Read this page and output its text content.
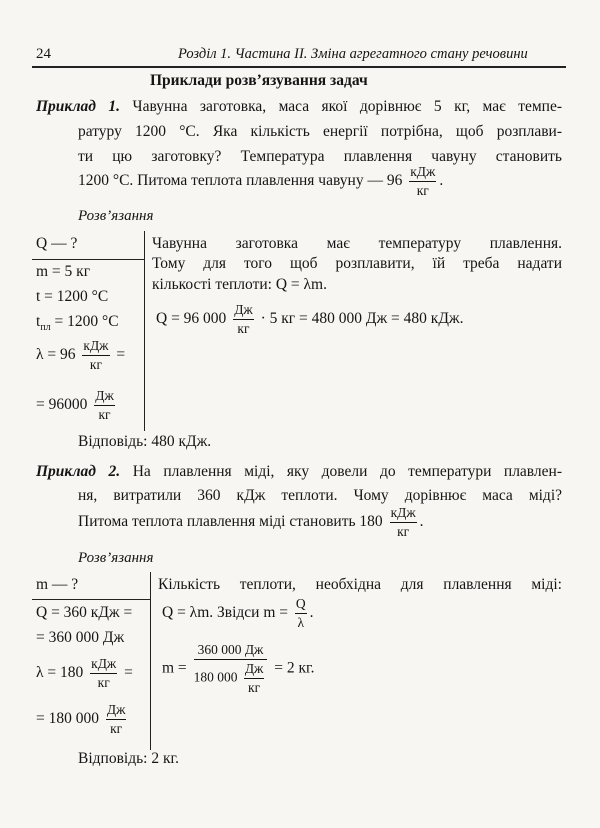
24	Розділ 1. Частина II. Зміна агрегатного стану речовини
Приклади розв’язування задач
Приклад 1. Чавунна заготовка, маса якої дорівнює 5 кг, має темпе-
ратуру 1200 °С. Яка кількість енергії потрібна, щоб розплави-
ти цю заготовку? Температура плавлення чавуну становить
1200 °С. Питома теплота плавлення чавуну — $96 \frac{\text{кДж}}{кг}$ .
Розв’язання
Q — ?
m = 5 кг
t = 1200 °С
$t_{пл} = 1200$ °С
$\lambda = 96 \frac{\text{кДж}}{кг}$ =
= $96000 \frac{Дж}{кг}$
Чавунна заготовка має температуру плавлення.
Тому для того щоб розплавити, їй треба надати
кількості теплоти: Q = λm.
Q = 96 $000 \frac{Дж}{кг} \cdot 5$ кг = 480 000 Дж = 480 кДж.
Відповідь: 480 кДж.
Приклад 2. На плавлення міді, яку довели до температури плавлен-
ня, витратили 360 кДж теплоти. Чому дорівнює маса міді?
Питома теплота плавлення міді становить $180 \frac{\text{кДж}}{кг}$ .
Розв’язання
m — ?
Q = 360 кДж =
= 360 000 Дж
$\lambda = 180 \frac{\text{кДж}}{кг}$ =
= 180 $000 \frac{Дж}{кг}$
Кількість теплоти, необхідна для плавлення міді:
Q = λm. Звідси $m = \frac{Q}{\lambda}$ .
$m = \frac{360 000 Дж}{180 000 \frac{Дж}{кг}} = 2$ кг.
Відповідь: 2 кг.
